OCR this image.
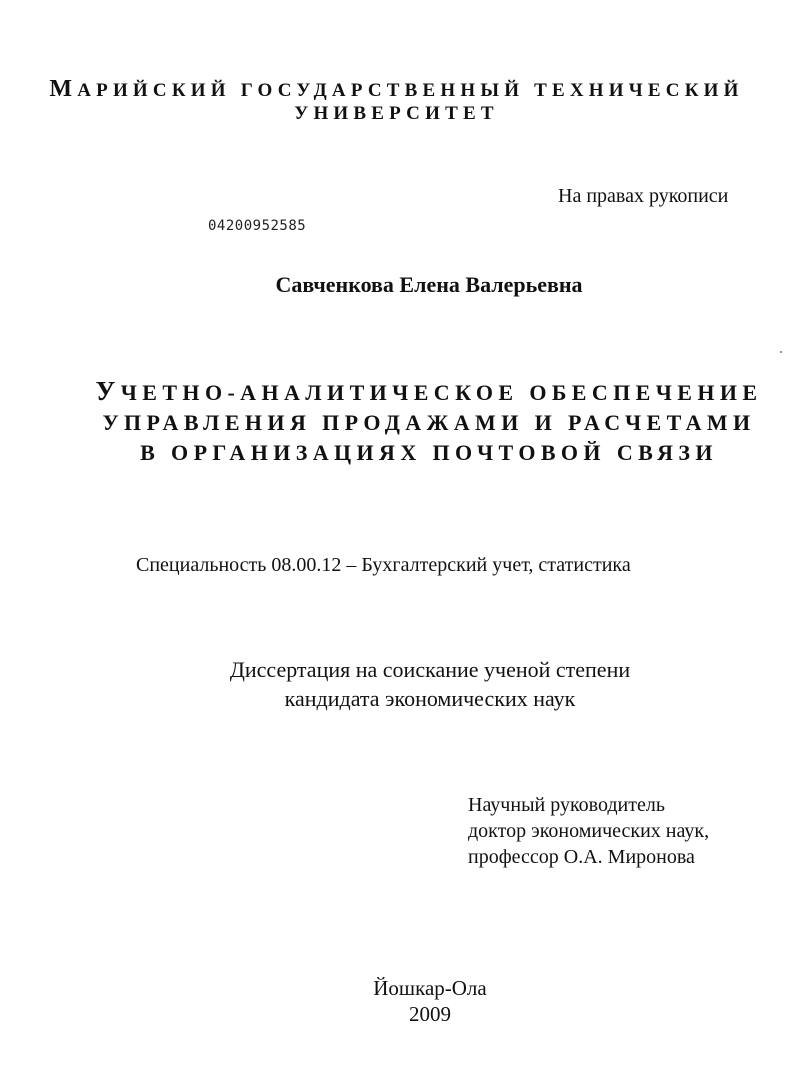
МАРИЙСКИЙ ГОСУДАРСТВЕННЫЙ ТЕХНИЧЕСКИЙ
УНИВЕРСИТЕТ
На правах рукописи
04200952585
Савченкова Елена Валерьевна
УЧЕТНО-АНАЛИТИЧЕСКОЕ ОБЕСПЕЧЕНИЕ
УПРАВЛЕНИЯ ПРОДАЖАМИ И РАСЧЕТАМИ
В ОРГАНИЗАЦИЯХ ПОЧТОВОЙ СВЯЗИ
Специальность 08.00.12 – Бухгалтерский учет, статистика
Диссертация на соискание ученой степени
кандидата экономических наук
Научный руководитель
доктор экономических наук,
профессор О.А. Миронова
Йошкар-Ола
2009
